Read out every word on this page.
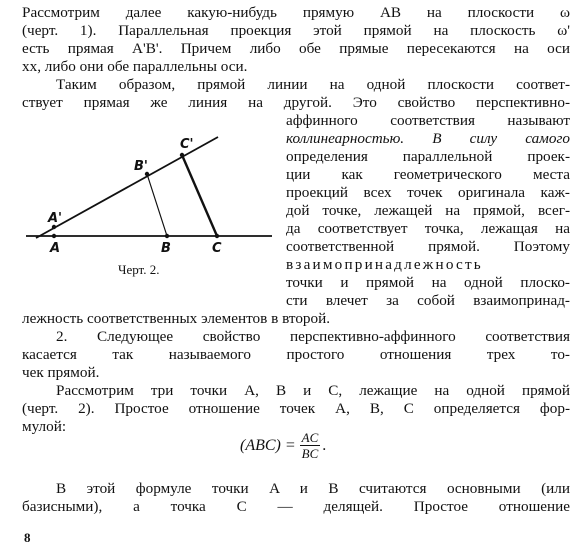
Рассмотрим далее какую-нибудь прямую AB на плоскости ω
(черт. 1). Параллельная проекция этой прямой на плоскость ω'
есть прямая A'B'. Причем либо обе прямые пересекаются на оси
xx, либо они обе параллельны оси.
Таким образом, прямой линии на одной плоскости соответ-
ствует прямая же линия на другой. Это свойство перспективно-
аффинного соответствия называют
коллинеарностью. В силу самого
определения параллельной проек-
ции как геометрического места
проекций всех точек оригинала каж-
дой точке, лежащей на прямой, всег-
да соответствует точка, лежащая на
соответственной прямой. Поэтому
взаимопринадлежность
точки и прямой на одной плоско-
сти влечет за собой взаимопринад-
лежность соответственных элементов в второй.
A'
A
B'
B
C'
C
Черт. 2.
2. Следующее свойство перспективно-аффинного соответствия
касается так называемого простого отношения трех то-
чек прямой.
Рассмотрим три точки A, B и C, лежащие на одной прямой
(черт. 2). Простое отношение точек A, B, C определяется фор-
мулой:
$(ABC) = \frac{AC}{BC}$ .
В этой формуле точки A и B считаются основными (или
базисными), а точка C — делящей. Простое отношение
8
